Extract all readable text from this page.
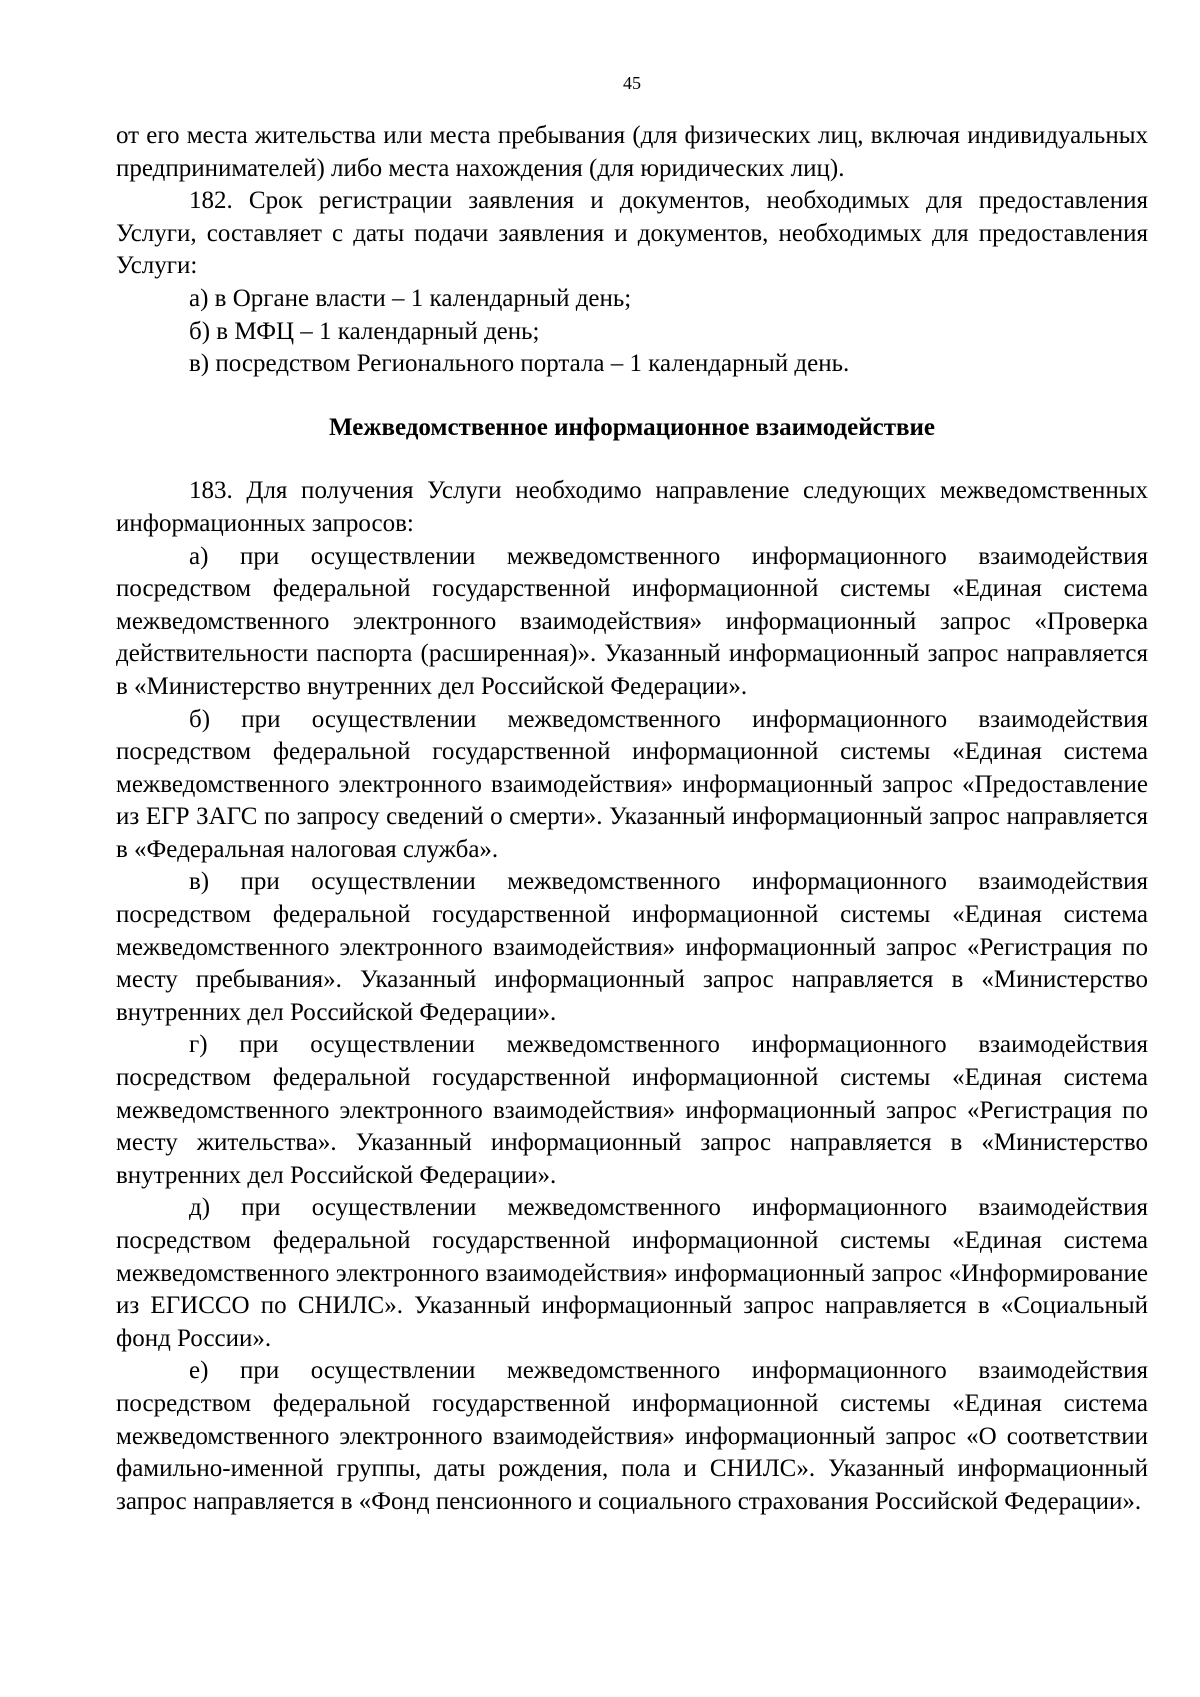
45

от его места жительства или места пребывания (для физических лиц, включая индивидуальных предпринимателей) либо места нахождения (для юридических лиц).

182. Срок регистрации заявления и документов, необходимых для предоставления Услуги, составляет с даты подачи заявления и документов, необходимых для предоставления Услуги:

а) в Органе власти – 1 календарный день;

б) в МФЦ – 1 календарный день;

в) посредством Регионального портала – 1 календарный день.

Межведомственное информационное взаимодействие

183. Для получения Услуги необходимо направление следующих межведомственных информационных запросов:

а) при осуществлении межведомственного информационного взаимодействия посредством федеральной государственной информационной системы «Единая система межведомственного электронного взаимодействия» информационный запрос «Проверка действительности паспорта (расширенная)». Указанный информационный запрос направляется в «Министерство внутренних дел Российской Федерации».

б) при осуществлении межведомственного информационного взаимодействия посредством федеральной государственной информационной системы «Единая система межведомственного электронного взаимодействия» информационный запрос «Предоставление из ЕГР ЗАГС по запросу сведений о смерти». Указанный информационный запрос направляется в «Федеральная налоговая служба».

в) при осуществлении межведомственного информационного взаимодействия посредством федеральной государственной информационной системы «Единая система межведомственного электронного взаимодействия» информационный запрос «Регистрация по месту пребывания». Указанный информационный запрос направляется в «Министерство внутренних дел Российской Федерации».

г) при осуществлении межведомственного информационного взаимодействия посредством федеральной государственной информационной системы «Единая система межведомственного электронного взаимодействия» информационный запрос «Регистрация по месту жительства». Указанный информационный запрос направляется в «Министерство внутренних дел Российской Федерации».

д) при осуществлении межведомственного информационного взаимодействия посредством федеральной государственной информационной системы «Единая система межведомственного электронного взаимодействия» информационный запрос «Информирование из ЕГИССО по СНИЛС». Указанный информационный запрос направляется в «Социальный фонд России».

е) при осуществлении межведомственного информационного взаимодействия посредством федеральной государственной информационной системы «Единая система межведомственного электронного взаимодействия» информационный запрос «О соответствии фамильно-именной группы, даты рождения, пола и СНИЛС». Указанный информационный запрос направляется в «Фонд пенсионного и социального страхования Российской Федерации».
